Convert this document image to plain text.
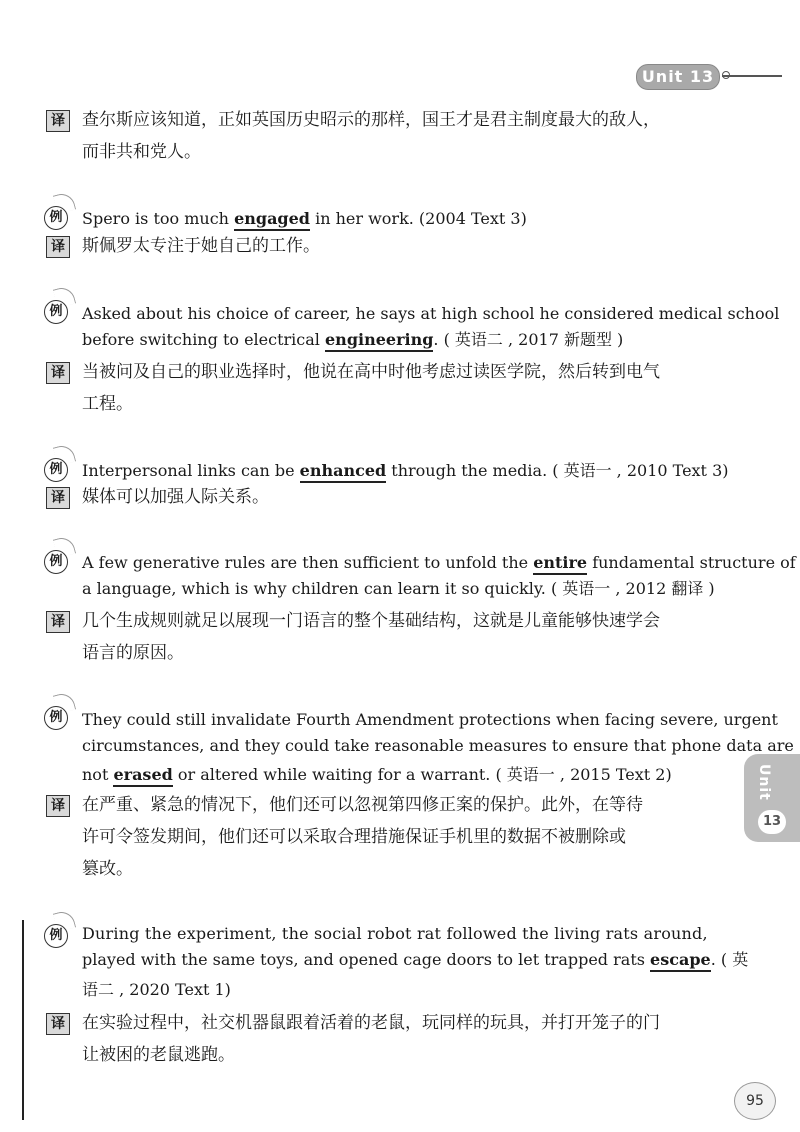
Unit 13
Unit
13
译 查尔斯应该知道，正如英国历史昭示的那样，国王才是君主制度最大的敌人，
而非共和党人。
例	Spero is too much engaged in her work. (2004 Text 3)
译 斯佩罗太专注于她自己的工作。
例	Asked about his choice of career, he says at high school he considered medical school
before switching to electrical engineering. ( 英语二 , 2017 新题型 )
译 当被问及自己的职业选择时，他说在高中时他考虑过读医学院，然后转到电气
工程。
例	Interpersonal links can be enhanced through the media. ( 英语一 , 2010 Text 3)
译 媒体可以加强人际关系。
例	A few generative rules are then sufficient to unfold the entire fundamental structure of
a language, which is why children can learn it so quickly. ( 英语一 , 2012 翻译 )
译 几个生成规则就足以展现一门语言的整个基础结构，这就是儿童能够快速学会
语言的原因。
例	They could still invalidate Fourth Amendment protections when facing severe, urgent
circumstances, and they could take reasonable measures to ensure that phone data are
not erased or altered while waiting for a warrant. ( 英语一 , 2015 Text 2)
译 在严重、紧急的情况下，他们还可以忽视第四修正案的保护。此外，在等待
许可令签发期间，他们还可以采取合理措施保证手机里的数据不被删除或
篡改。
例	During the experiment, the social robot rat followed the living rats around,
played with the same toys, and opened cage doors to let trapped rats escape. ( 英
语二 , 2020 Text 1)
译 在实验过程中，社交机器鼠跟着活着的老鼠，玩同样的玩具，并打开笼子的门
让被困的老鼠逃跑。
95
